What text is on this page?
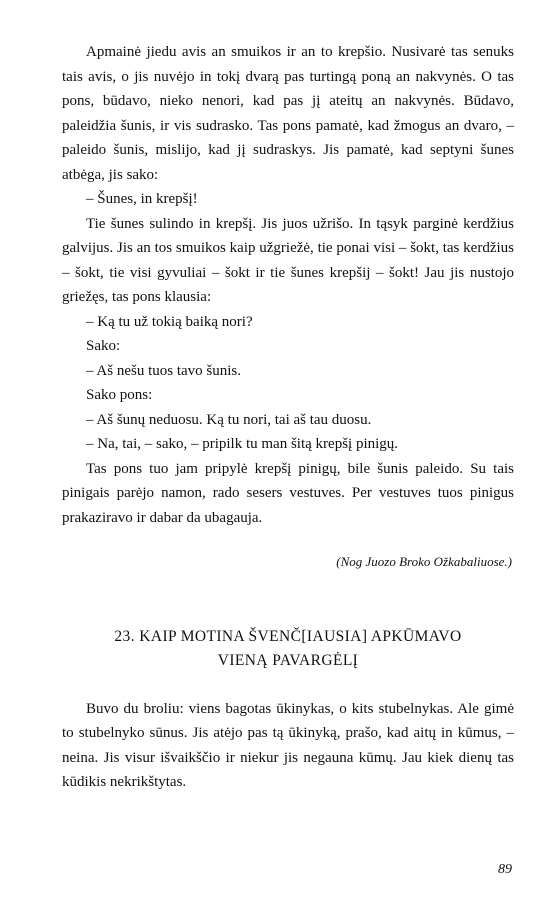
Apmainė jiedu avis an smuikos ir an to krepšio. Nusivarė tas senuks tais avis, o jis nuvėjo in tokį dvarą pas turtingą poną an nakvynės. O tas pons, būdavo, nieko nenori, kad pas jį ateitų an nakvynės. Būdavo, paleidžia šunis, ir vis sudrasko. Tas pons pamatė, kad žmogus an dvaro, – paleido šunis, mislijo, kad jį sudraskys. Jis pamatė, kad septyni šunes atbėga, jis sako:

– Šunes, in krepšį!

Tie šunes sulindo in krepšį. Jis juos užrišo. In tąsyk parginė kerdžius galvijus. Jis an tos smuikos kaip užgriežė, tie ponai visi – šokt, tas kerdžius – šokt, tie visi gyvuliai – šokt ir tie šunes krepšij – šokt! Jau jis nustojo griežęs, tas pons klausia:

– Ką tu už tokią baiką nori?

Sako:

– Aš nešu tuos tavo šunis.

Sako pons:

– Aš šunų neduosu. Ką tu nori, tai aš tau duosu.

– Na, tai, – sako, – pripilk tu man šitą krepšį pinigų.

Tas pons tuo jam pripylė krepšį pinigų, bile šunis paleido. Su tais pinigais parėjo namon, rado sesers vestuves. Per vestuves tuos pinigus prakaziravo ir dabar da ubagauja.

(Nog Juozo Broko Ožkabaliuose.)

23. KAIP MOTINA ŠVENČ[IAUSIA] APKŪMAVO
VIENĄ PAVARGĖLĮ

Buvo du broliu: viens bagotas ūkinykas, o kits stubelnykas. Ale gimė to stubelnyko sūnus. Jis atėjo pas tą ūkinyką, prašo, kad aitų in kūmus, – neina. Jis visur išvaikščio ir niekur jis negauna kūmų. Jau kiek dienų tas kūdikis nekrikštytas.

89
